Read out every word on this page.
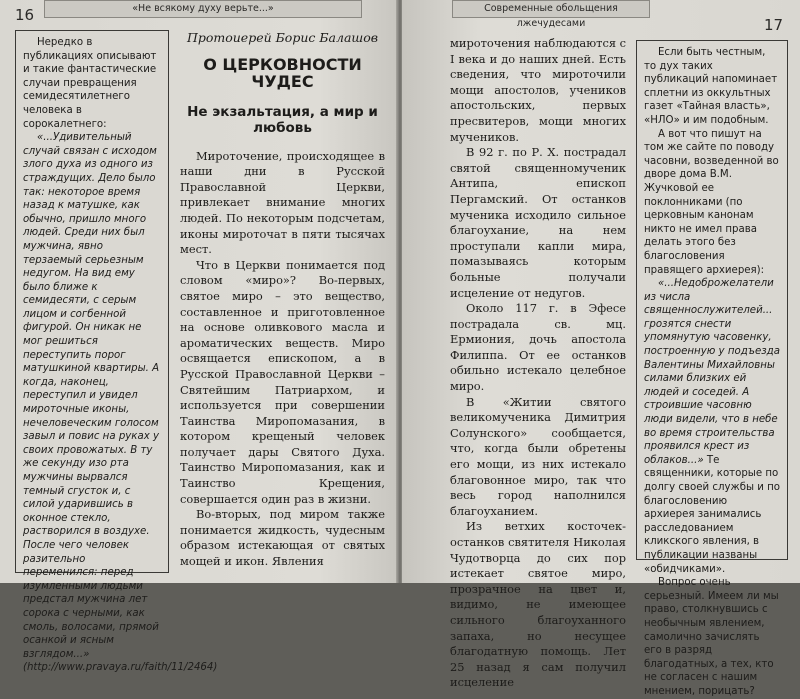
16	«Не всякому духу верьте...»

Нередко в публикациях описывают и такие фантастические случаи превращения семидесятилетнего человека в сорокалетнего:

«...Удивительный случай связан с исходом злого духа из одного из страждущих. Дело было так: некоторое время назад к матушке, как обычно, пришло много людей. Среди них был мужчина, явно терзаемый серьезным недугом. На вид ему было ближе к семидесяти, с серым лицом и согбенной фигурой. Он никак не мог решиться переступить порог матушкиной квартиры. А когда, наконец, переступил и увидел мироточные иконы, нечеловеческим голосом завыл и повис на руках у своих провожатых. В ту же секунду изо рта мужчины вырвался темный сгусток и, с силой ударившись в оконное стекло, растворился в воздухе. После чего человек разительно переменился: перед изумленными людьми предстал мужчина лет сорока с черными, как смоль, волосами, прямой осанкой и ясным взглядом...» (http://www.pravaya.ru/faith/11/2464)

Протоиерей Борис Балашов
О ЦЕРКОВНОСТИ ЧУДЕС
Не экзальтация, а мир и любовь

Мироточение, происходящее в наши дни в Русской Православной Церкви, привлекает внимание многих людей. По некоторым подсчетам, иконы мироточат в пяти тысячах мест.

Что в Церкви понимается под словом «миро»? Во-первых, святое миро – это вещество, составленное и приготовленное на основе оливкового масла и ароматических веществ. Миро освящается епископом, а в Русской Православной Церкви – Святейшим Патриархом, и используется при совершении Таинства Миропомазания, в котором крещеный человек получает дары Святого Духа. Таинство Миропомазания, как и Таинство Крещения, совершается один раз в жизни.

Во-вторых, под миром также понимается жидкость, чудесным образом истекающая от святых мощей и икон. Явления

Современные обольщения лжечудесами	17

мироточения наблюдаются с I века и до наших дней. Есть сведения, что мироточили мощи апостолов, учеников апостольских, первых пресвитеров, мощи многих мучеников.

В 92 г. по Р. Х. пострадал святой священномученик Антипа, епископ Пергамский. От останков мученика исходило сильное благоухание, на нем проступали капли мира, помазываясь которым больные получали исцеление от недугов.

Около 117 г. в Эфесе пострадала св. мц. Ермиония, дочь апостола Филиппа. От ее останков обильно истекало целебное миро.

В «Житии святого великомученика Димитрия Солунского» сообщается, что, когда были обретены его мощи, из них истекало благовонное миро, так что весь город наполнился благоуханием.

Из ветхих косточек-останков святителя Николая Чудотворца до сих пор истекает святое миро, прозрачное на цвет и, видимо, не имеющее сильного благоуханного запаха, но несущее благодатную помощь. Лет 25 назад я сам получил исцеление

Если быть честным, то дух таких публикаций напоминает сплетни из оккультных газет «Тайная власть», «НЛО» и им подобным.

А вот что пишут на том же сайте по поводу часовни, возведенной во дворе дома В.М. Жучковой ее поклонниками (по церковным канонам никто не имел права делать этого без благословения правящего архиерея):

«...Недоброжелатели из числа священнослужителей... грозятся снести упомянутую часовенку, построенную у подъезда Валентины Михайловны силами близких ей людей и соседей. А строившие часовню люди видели, что в небе во время строительства проявился крест из облаков...» Те священники, которые по долгу своей службы и по благословению архиерея занимались расследованием кликского явления, в публикации названы «обидчиками».

Вопрос очень серьезный. Имеем ли мы право, столкнувшись с необычным явлением, самолично зачислять его в разряд благодатных, а тех, кто не согласен с нашим мнением, порицать?
